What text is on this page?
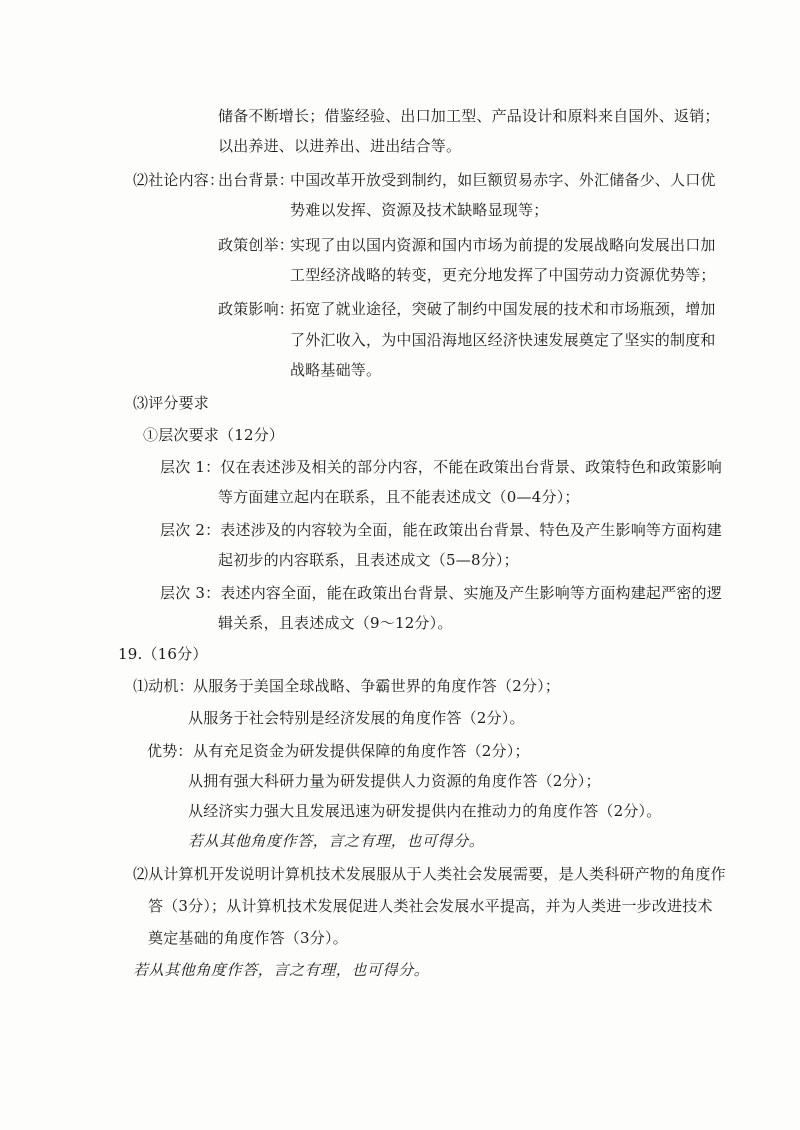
储备不断增长；借鉴经验、出口加工型、产品设计和原料来自国外、返销；
以出养进、以进养出、进出结合等。
⑵社论内容：
出台背景：
中国改革开放受到制约，如巨额贸易赤字、外汇储备少、人口优
势难以发挥、资源及技术缺略显现等；
政策创举：
实现了由以国内资源和国内市场为前提的发展战略向发展出口加
工型经济战略的转变，更充分地发挥了中国劳动力资源优势等；
政策影响：
拓宽了就业途径，突破了制约中国发展的技术和市场瓶颈，增加
了外汇收入，为中国沿海地区经济快速发展奠定了坚实的制度和
战略基础等。
⑶评分要求
①层次要求（12分）
层次 1：仅在表述涉及相关的部分内容，不能在政策出台背景、政策特色和政策影响
等方面建立起内在联系，且不能表述成文（0—4分）；
层次 2：表述涉及的内容较为全面，能在政策出台背景、特色及产生影响等方面构建
起初步的内容联系，且表述成文（5—8分）；
层次 3：表述内容全面，能在政策出台背景、实施及产生影响等方面构建起严密的逻
辑关系，且表述成文（9～12分）。
19.（16分）
⑴动机： 从服务于美国全球战略、争霸世界的角度作答（2分）；
从服务于社会特别是经济发展的角度作答（2分）。
优势： 从有充足资金为研发提供保障的角度作答（2分）；
从拥有强大科研力量为研发提供人力资源的角度作答（2分）；
从经济实力强大且发展迅速为研发提供内在推动力的角度作答（2分）。
若从其他角度作答，言之有理，也可得分。
⑵从计算机开发说明计算机技术发展服从于人类社会发展需要，是人类科研产物的角度作
答（3分）；从计算机技术发展促进人类社会发展水平提高，并为人类进一步改进技术
奠定基础的角度作答（3分）。
若从其他角度作答，言之有理，也可得分。
